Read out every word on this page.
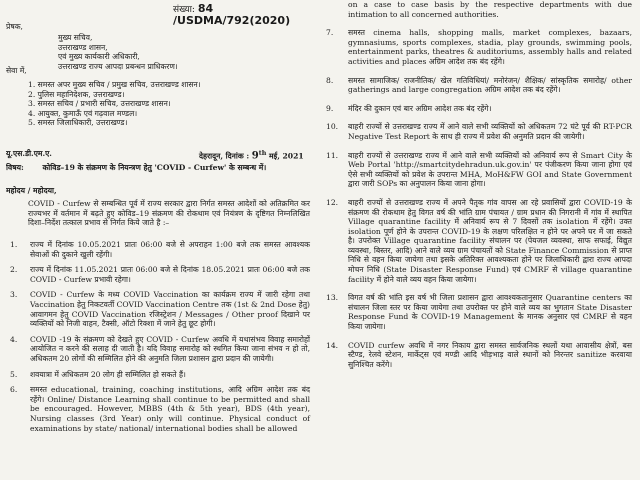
संख्या: 84 /USDMA/792(2020)
प्रेषक,
मुख्य सचिव,
उत्तराखण्ड शासन,
एवं मुख्य कार्यकारी अधिकारी,
उत्तराखण्ड राज्य आपदा प्रबन्धन प्राधिकरण।
सेवा में,
1. समस्त अपर मुख्य सचिव / प्रमुख सचिव, उत्तराखण्ड शासन।
2. पुलिस महानिदेशक, उत्तराखण्ड।
3. समस्त सचिव / प्रभारी सचिव, उत्तराखण्ड शासन।
4. आयुक्त, कुमाऊँ एवं गढ़वाल मण्डल।
5. समस्त जिलाधिकारी, उत्तराखण्ड।
यू.एस.डी.एम.ए.	देहरादून, दिनांक : 9th मई, 2021
विषय: कोविड–19 के संक्रमण के नियन्त्रण हेतु 'COVID - Curfew' के सम्बन्ध में।
महोदय / महोदया,
COVID - Curfew से सम्बन्धित पूर्व में राज्य सरकार द्वारा निर्गत समस्त आदेशों को अतिक्रमित कर राज्यभर में वर्तमान में बढ़ते हुए कोविड–19 संक्रमण की रोकथाम एवं नियंत्रण के दृष्टिगत निम्नलिखित दिशा–निर्देश तत्काल प्रभाव से निर्गत किये जाते है :–
1.	राज्य में दिनांक 10.05.2021 प्रातः 06:00 बजे से अपराहन 1:00 बजे तक समस्त आवश्यक सेवाओं की दुकाने खुली रहेंगी।
2.	राज्य में दिनांक 11.05.2021 प्रातः 06:00 बजे से दिनांक 18.05.2021 प्रातः 06:00 बजे तक COVID - Curfew प्रभावी रहेगा।
3.	COVID - Curfew के मध्य COVID Vaccination का कार्यक्रम राज्य में जारी रहेगा तथा Vaccination हेतु निकटवर्ती COVID Vaccination Centre तक (1st & 2nd Dose हेतु) आवागमन हेतु COVID Vaccination रजिस्ट्रेशन / Messages / Other proof दिखाने पर व्यक्तियों को निजी वाहन, टैक्सी, ऑटो रिक्शा में जाने हेतु छूट होगी।
4.	COVID -19 के संक्रमण को देखते हुए COVID - Curfew अवधि में यथासंभव विवाह समारोहों आयोजित न करने की सलाह दी जाती है। यदि विवाह समारोह को स्थगित किया जाना संभव न हो तो, अधिकतम 20 लोगों की सम्मिलित होने की अनुमति जिला प्रशासन द्वारा प्रदान की जायेगी।
5.	शवयात्रा में अधिकतम 20 लोग ही सम्मिलित हो सकते हैं।
6.	समस्त educational, training, coaching institutions, आदि अग्रिम आदेश तक बंद रहेंगे। Online/ Distance Learning shall continue to be permitted and shall be encouraged. However, MBBS (4th & 5th year), BDS (4th year), Nursing classes (3rd Year) only will continue. Physical conduct of examinations by state/ national/ international bodies shall be allowed
on a case to case basis by the respective departments with due intimation to all concerned authorities.
7.	समस्त cinema halls, shopping malls, market complexes, bazaars, gymnasiums, sports complexes, stadia, play grounds, swimming pools, entertainment parks, theatres & auditoriums, assembly halls and related activities and places अग्रिम आदेश तक बंद रहेंगे।
8.	समस्त सामाजिक/ राजनीतिक/ खेल गतिविधियां/ मनोरंजन/ शैक्षिक/ सांस्कृतिक समारोह/ other gatherings and large congregation अग्रिम आदेश तक बंद रहेंगे।
9.	मंदिर की दुकान एवं बार अग्रिम आदेश तक बंद रहेंगे।
10.	बाहरी राज्यों से उत्तराखण्ड राज्य में आने वाले सभी व्यक्तियों को अधिकतम 72 घंटे पूर्व की RT-PCR Negative Test Report के साथ ही राज्य में प्रवेश की अनुमति प्रदान की जायेगी।
11.	बाहरी राज्यों से उत्तराखण्ड राज्य में आने वाले सभी व्यक्तियों को अनिवार्य रूप से Smart City के Web Portal 'http://smartcitydehradun.uk.gov.in' पर पंजीकरण किया जाना होगा एवं ऐसे सभी व्यक्तियों को प्रवेश के उपरान्त MHA, MoH&FW GOI and State Government द्वारा जारी SOPs का अनुपालन किया जाना होगा।
12.	बाहरी राज्यों से उत्तराखण्ड राज्य में अपने पैतृक गांव वापस आ रहे प्रवासियों द्वारा COVID-19 के संक्रमण की रोकथाम हेतु विगत वर्ष की भांति ग्राम पंचायत / ग्राम प्रधान की निगरानी में गांव में स्थापित Village quarantine facility में अनिवार्य रूप से 7 दिवसों तक isolation में रहेंगे। उक्त isolation पूर्ण होने के उपरान्त COVID-19 के लक्षण परिलक्षित न होने पर अपने घर में जा सकते है। उपरोक्त Village quarantine facility संचालन पर (पेयजल व्यवस्था, साफ सफाई, विद्युत व्यवस्था, बिस्तर, आदि) आने वाले व्यय ग्राम पंचायतों को State Finance Commission से प्राप्त निधि से वहन किया जायेगा तथा इसके अतिरिक्त आवश्यकता होने पर जिलाधिकारी द्वारा राज्य आपदा मोचन निधि (State Disaster Response Fund) एवं CMRF से village quarantine facility में होने वाले व्यय वहन किया जायेगा।
13.	विगत वर्ष की भांति इस वर्ष भी जिला प्रशासन द्वारा आवश्यकतानुसार Quarantine centers का संचालन जिला स्तर पर किया जायेगा तथा उपरोक्त पर होने वाले व्यय का भुगतान State Disaster Response Fund के COVID-19 Management के मानक अनुसार एवं CMRF से वहन किया जायेगा।
14.	COVID curfew अवधि में नगर निकाय द्वारा समस्त सार्वजनिक स्थलों यथा आवासीय क्षेत्रों, बस स्टैण्ड, रेलवे स्टेशन, मार्केट्स एवं मण्डी आदि भीड़भाड़ वाले स्थानों को निरन्तर sanitize करवाया सुनिश्चित करेंगे।
